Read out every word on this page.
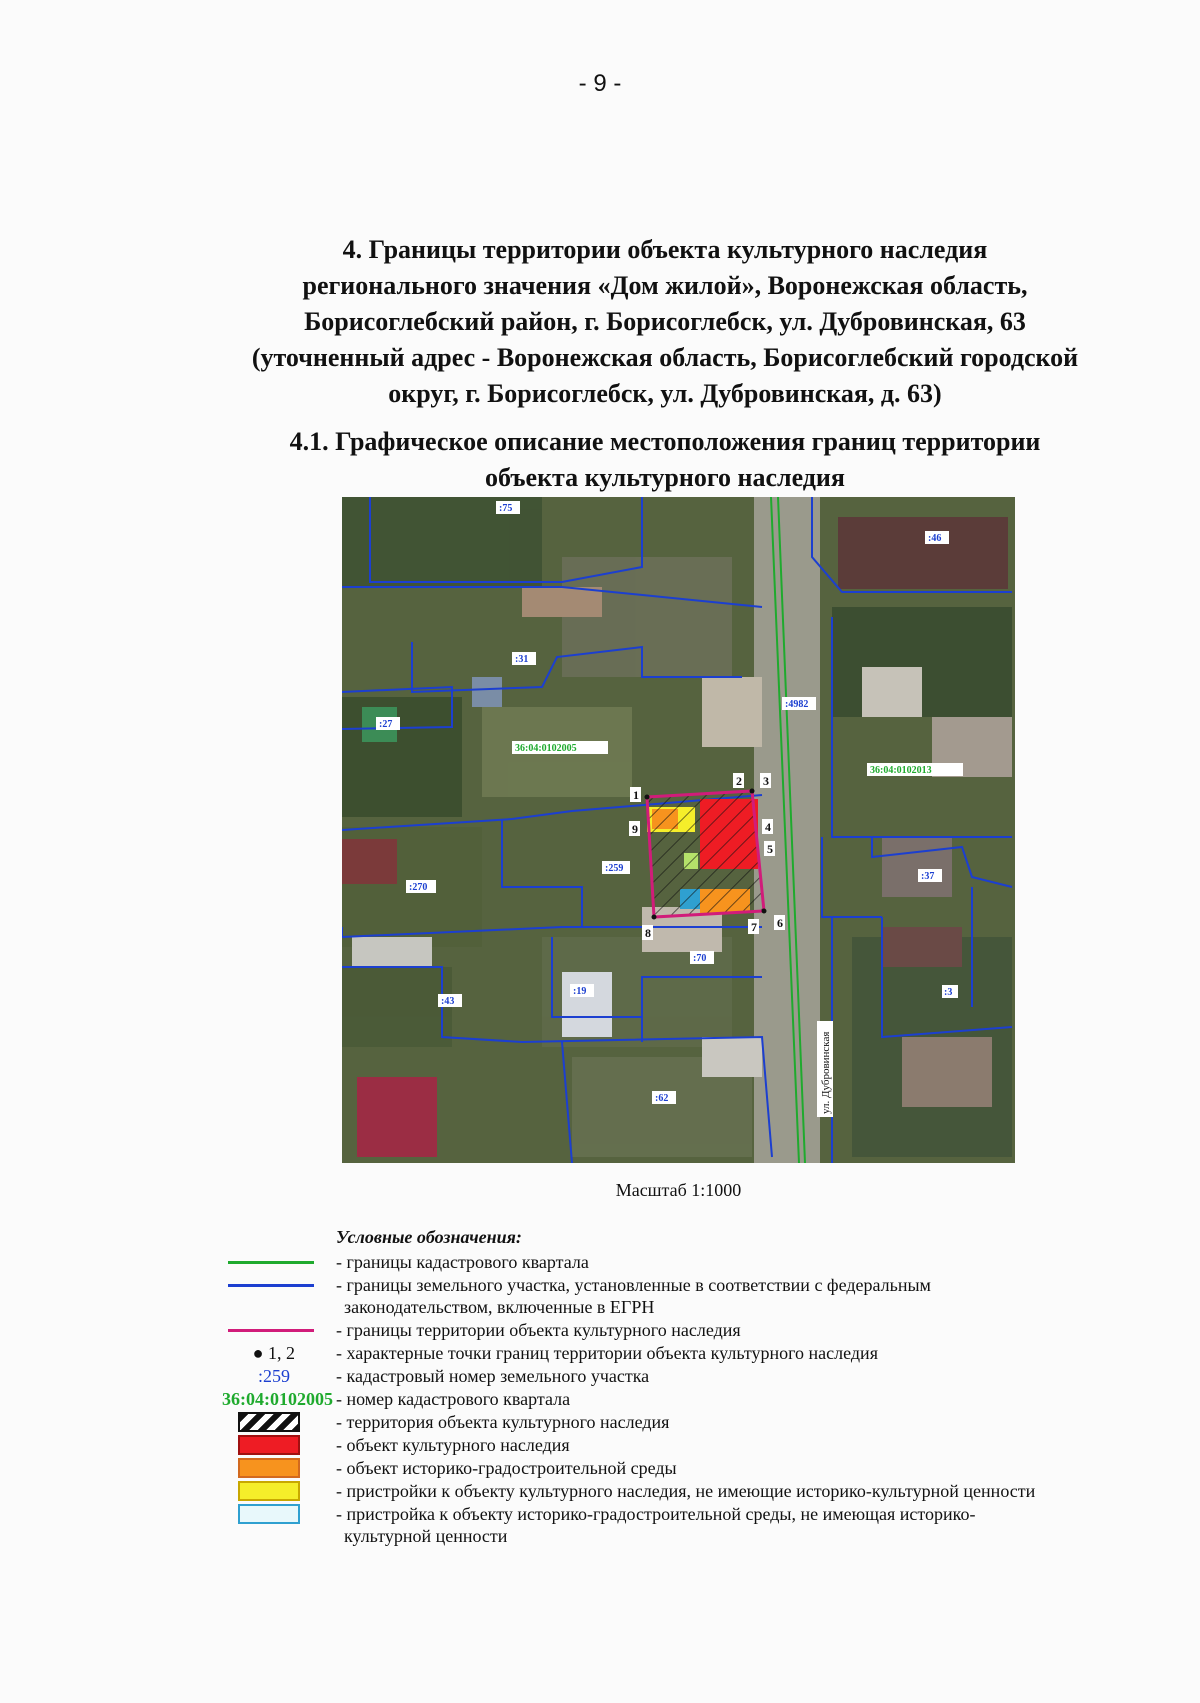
- 9 -
4. Границы территории объекта культурного наследия
регионального значения «Дом жилой», Воронежская область,
Борисоглебский район, г. Борисоглебск, ул. Дубровинская, 63
(уточненный адрес - Воронежская область, Борисоглебский городской
округ, г. Борисоглебск, ул. Дубровинская, д. 63)
4.1. Графическое описание местоположения границ территории
объекта культурного наследия
:75
:46
:31
:4982
:27
:259
:270
:37
:70
:19
:43
:3
:62
36:04:0102005
36:04:0102013
1
2 3
4
5
6
7
8
9
ул. Дубровинская
Масштаб 1:1000
Условные обозначения:
- границы кадастрового квартала
- границы земельного участка, установленные в соответствии с федеральным
законодательством, включенные в ЕГРН
- границы территории объекта культурного наследия
● 1, 2 - характерные точки границ территории объекта культурного наследия
:259	- кадастровый номер земельного участка
36:04:0102005 - номер кадастрового квартала
- территория объекта культурного наследия
- объект культурного наследия
- объект историко-градостроительной среды
- пристройки к объекту культурного наследия, не имеющие историко-культурной ценности
- пристройка к объекту историко-градостроительной среды, не имеющая историко-
культурной ценности
